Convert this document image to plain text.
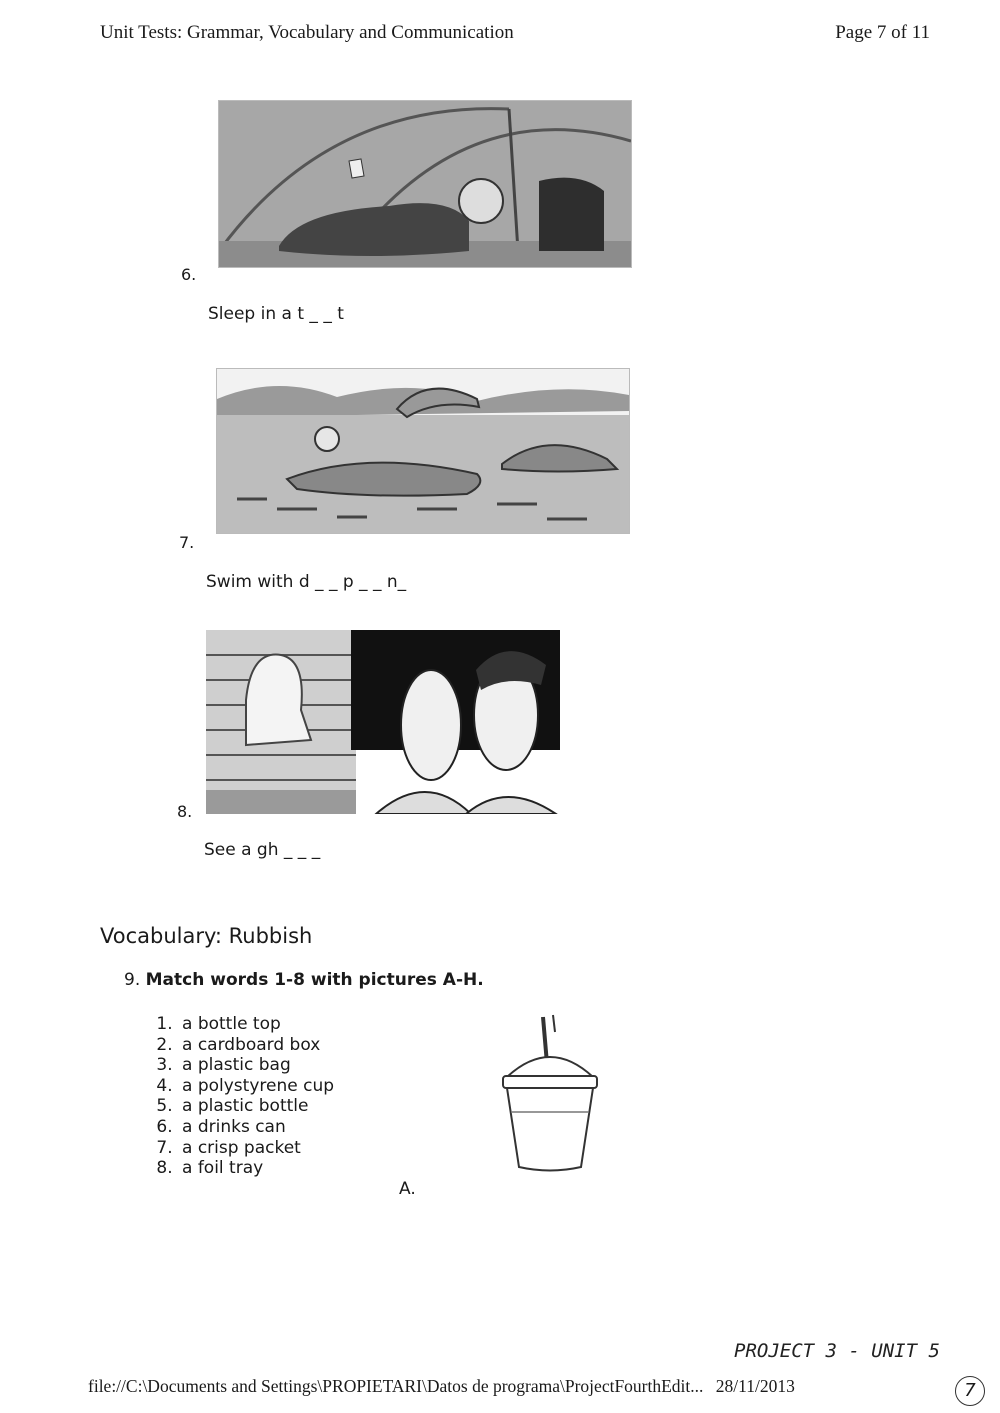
Unit Tests: Grammar, Vocabulary and Communication	Page 7 of 11
6.
Sleep in a t _ _ t
7.
Swim with d _ _ p _ _ n_
8.
See a gh _ _ _
Vocabulary: Rubbish
9. Match words 1-8 with pictures A-H.
1. a bottle top
2. a cardboard box
3. a plastic bag
4. a polystyrene cup
5. a plastic bottle
6. a drinks can
7. a crisp packet
8. a foil tray
A.
PROJECT 3 - UNIT 5
file://C:\Documents and Settings\PROPIETARI\Datos de programa\ProjectFourthEdit... 28/11/2013	7
